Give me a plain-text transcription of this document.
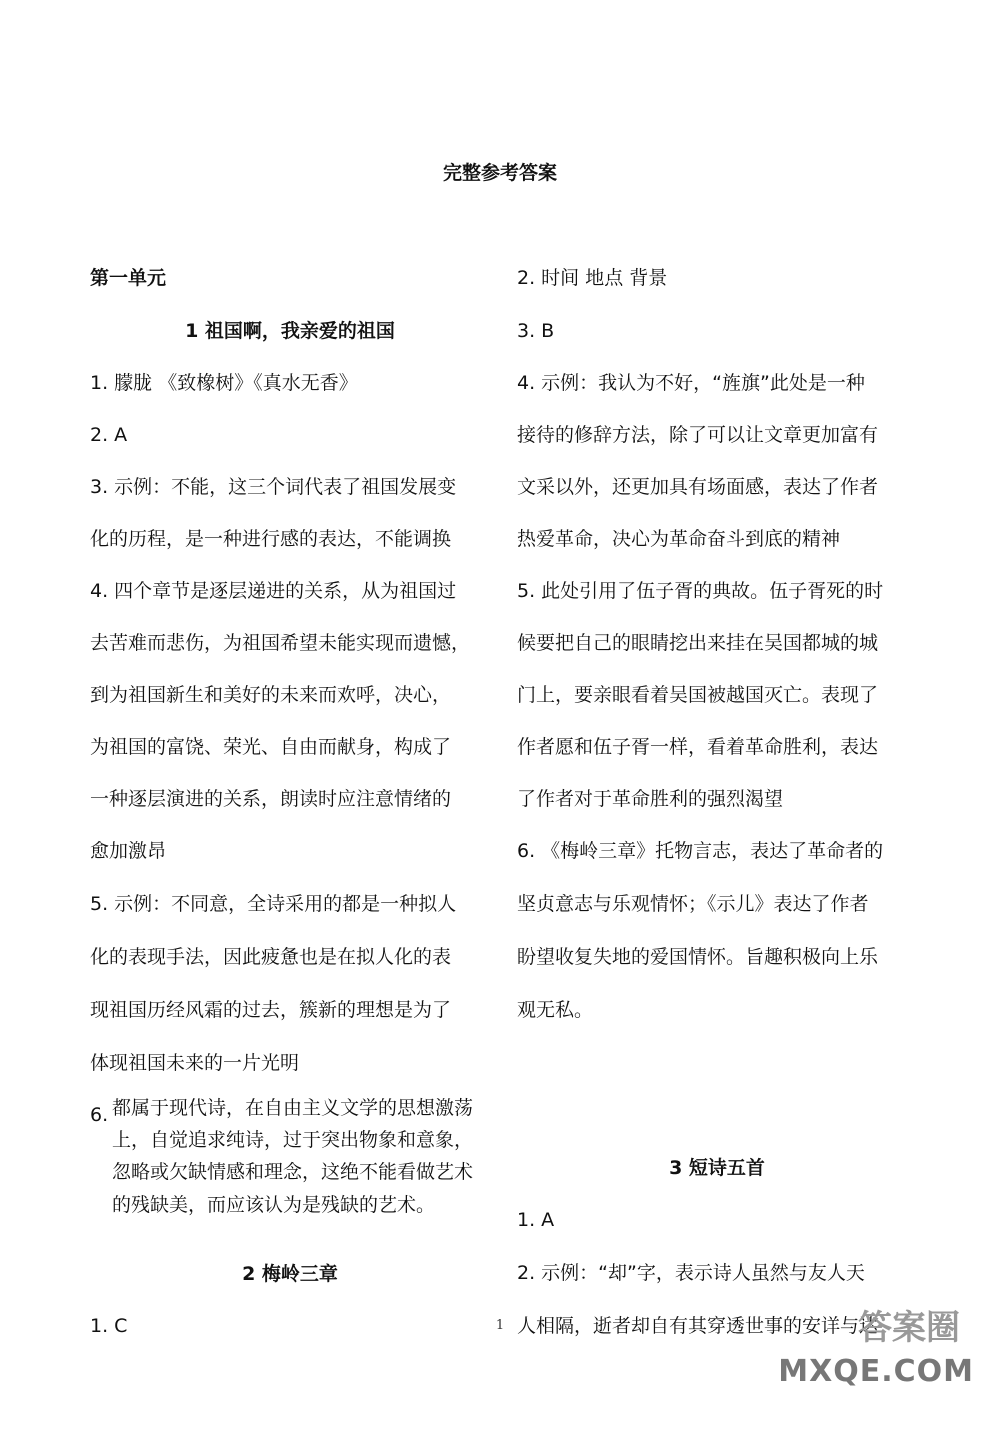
完整参考答案
第一单元
1 祖国啊，我亲爱的祖国
1. 朦胧 《致橡树》《真水无香》
2. A
3. 示例：不能，这三个词代表了祖国发展变
化的历程，是一种进行感的表达，不能调换
4. 四个章节是逐层递进的关系，从为祖国过
去苦难而悲伤，为祖国希望未能实现而遗憾，
到为祖国新生和美好的未来而欢呼，决心，
为祖国的富饶、荣光、自由而献身，构成了
一种逐层演进的关系，朗读时应注意情绪的
愈加激昂
5. 示例：不同意，全诗采用的都是一种拟人
化的表现手法，因此疲惫也是在拟人化的表
现祖国历经风霜的过去，簇新的理想是为了
体现祖国未来的一片光明
6. 都属于现代诗，在自由主义文学的思想激荡
上，自觉追求纯诗，过于突出物象和意象，
忽略或欠缺情感和理念，这绝不能看做艺术
的残缺美，而应该认为是残缺的艺术。
2 梅岭三章
1. C
2. 时间 地点 背景
3. B
4. 示例：我认为不好，“旌旗”此处是一种
接待的修辞方法，除了可以让文章更加富有
文采以外，还更加具有场面感，表达了作者
热爱革命，决心为革命奋斗到底的精神
5. 此处引用了伍子胥的典故。伍子胥死的时
候要把自己的眼睛挖出来挂在吴国都城的城
门上，要亲眼看着吴国被越国灭亡。表现了
作者愿和伍子胥一样，看着革命胜利，表达
了作者对于革命胜利的强烈渴望
6. 《梅岭三章》托物言志，表达了革命者的
坚贞意志与乐观情怀；《示儿》表达了作者
盼望收复失地的爱国情怀。旨趣积极向上乐
观无私。
3 短诗五首
1. A
2. 示例：“却”字，表示诗人虽然与友人天
人相隔，逝者却自有其穿透世事的安详与达
1	答案圈
MXQE.COM
